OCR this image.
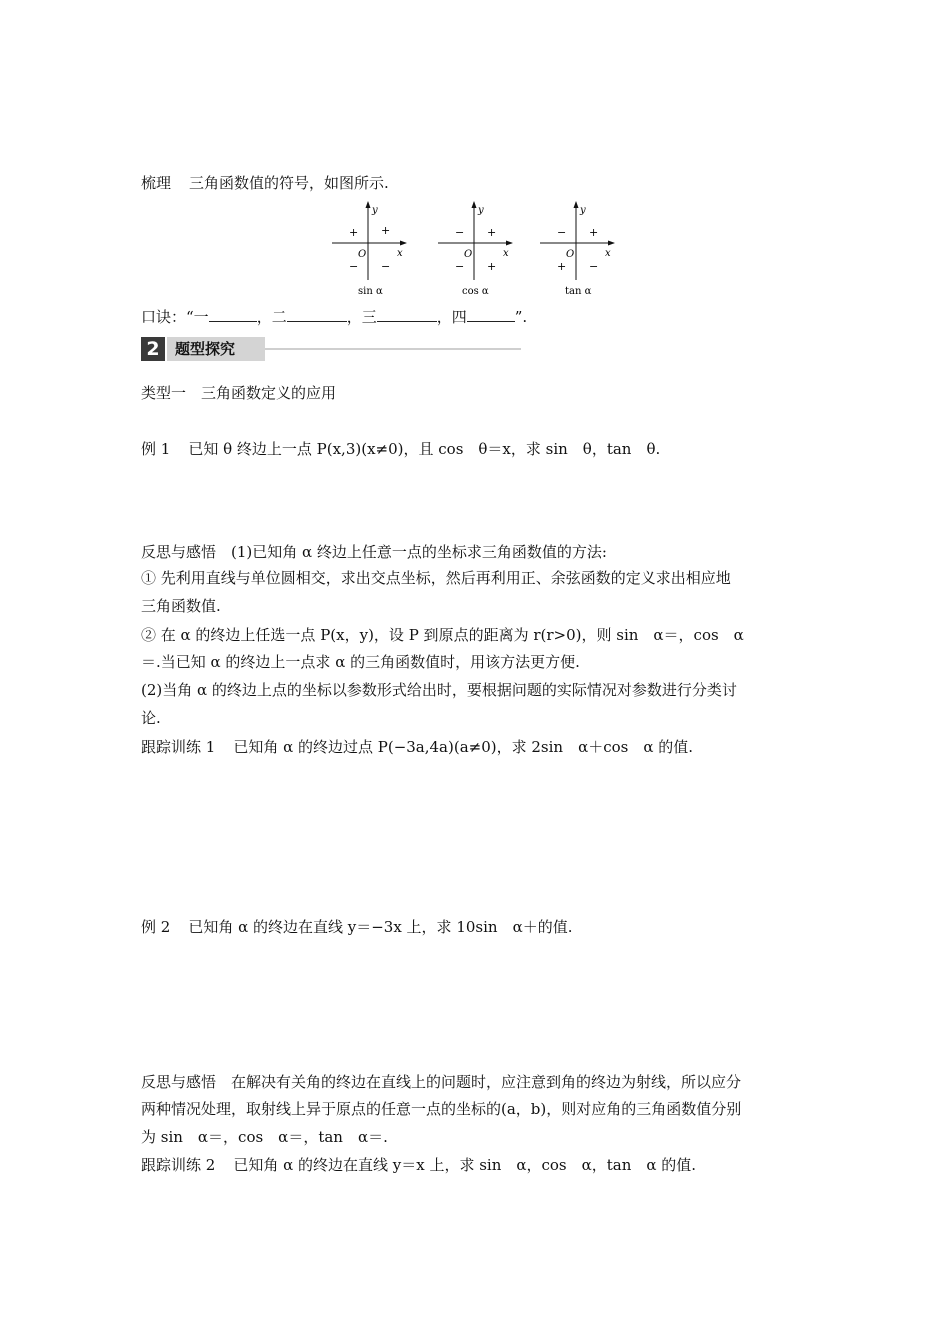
梳理 三角函数值的符号，如图所示.
y
x
O
+
+
− −
sin α
y
x
O
+
−
− +
cos α
y
x
O
+
−
+ −
tan α
口诀：“一	，二	，三	，四	”.
2	题型探究
类型一　三角函数定义的应用
例 1 已知 θ 终边上一点 P(x,3)(x≠0)，且 cos　θ＝x，求 sin　θ，tan　θ.
反思与感悟　(1)已知角 α 终边上任意一点的坐标求三角函数值的方法:
① 先利用直线与单位圆相交，求出交点坐标，然后再利用正、余弦函数的定义求出相应地
三角函数值.
② 在 α 的终边上任选一点 P(x，y)，设 P 到原点的距离为 r(r>0)，则 sin　α＝，cos　α
＝.当已知 α 的终边上一点求 α 的三角函数值时，用该方法更方便.
(2)当角 α 的终边上点的坐标以参数形式给出时，要根据问题的实际情况对参数进行分类讨
论.
跟踪训练 1 已知角 α 的终边过点 P(−3a,4a)(a≠0)，求 2sin　α＋cos　α 的值.
例 2 已知角 α 的终边在直线 y＝−3x 上，求 10sin　α＋的值.
反思与感悟　在解决有关角的终边在直线上的问题时，应注意到角的终边为射线，所以应分
两种情况处理，取射线上异于原点的任意一点的坐标的(a，b)，则对应角的三角函数值分别
为 sin　α＝，cos　α＝，tan　α＝.
跟踪训练 2 已知角 α 的终边在直线 y＝x 上，求 sin　α，cos　α，tan　α 的值.
